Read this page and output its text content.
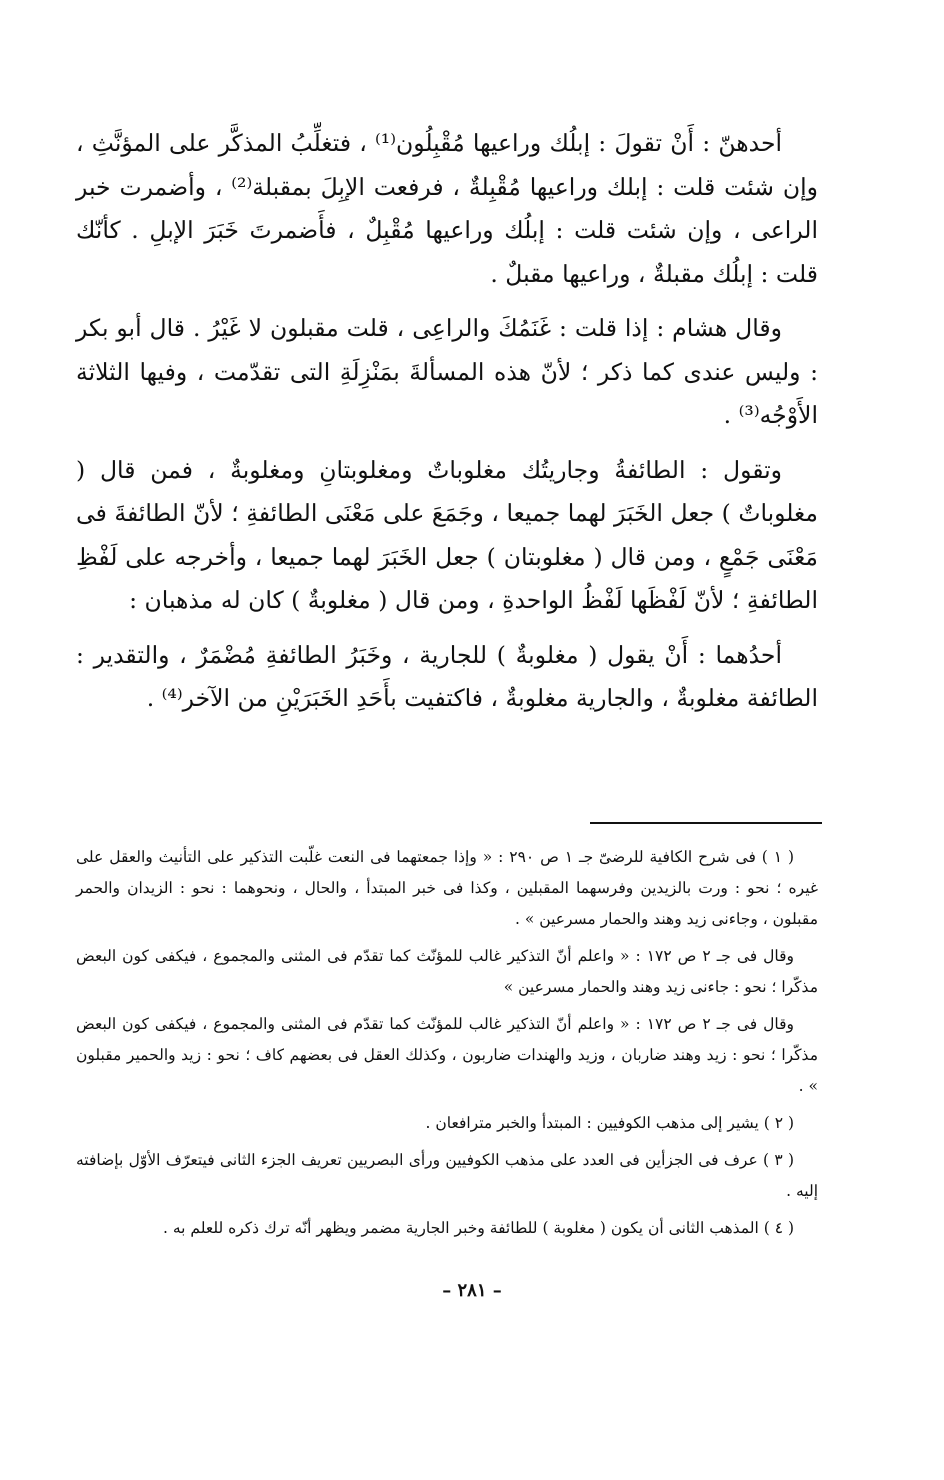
أحدهنّ : أَنْ تقولَ : إبلُك وراعيها مُقْبِلُون⁽¹⁾ ، فتغلِّبُ المذكَّر على المؤنَّثِ ، وإن شئت قلت : إبلك وراعيها مُقْبِلةٌ ، فرفعت الإبِلَ بمقبلة⁽²⁾ ، وأضمرت خبر الراعى ، وإن شئت قلت : إبلُك وراعيها مُقْبِلٌ ، فأَضمرتَ خَبَرَ الإبلِ . كأنّك قلت : إبلُك مقبلةٌ ، وراعيها مقبلٌ .

وقال هشام : إذا قلت : غَنَمُكَ والراعِى ، قلت مقبلون لا غَيْرُ . قال أبو بكر : وليس عندى كما ذكر ؛ لأنّ هذه المسألةَ بمَنْزِلَةِ التى تقدّمت ، وفيها الثلاثة الأَوْجُه⁽³⁾ .

وتقول : الطائفةُ وجاريتُك مغلوباتٌ ومغلوبتانِ ومغلوبةٌ ، فمن قال ( مغلوباتٌ ) جعل الخَبَرَ لهما جميعا ، وجَمَعَ على مَعْنَى الطائفةِ ؛ لأنّ الطائفةَ فى مَعْنَى جَمْعٍ ، ومن قال ( مغلوبتان ) جعل الخَبَرَ لهما جميعا ، وأخرجه على لَفْظِ الطائفةِ ؛ لأنّ لَفْظَها لَفْظُ الواحدةِ ، ومن قال ( مغلوبةٌ ) كان له مذهبان :

أحدُهما : أَنْ يقول ( مغلوبةٌ ) للجارية ، وخَبَرُ الطائفةِ مُضْمَرٌ ، والتقدير : الطائفة مغلوبةٌ ، والجارية مغلوبةٌ ، فاكتفيت بأَحَدِ الخَبَرَيْنِ من الآخر⁽⁴⁾ .

( ١ ) فى شرح الكافية للرضىّ جـ ١ ص ٢٩٠ : « وإذا جمعتهما فى النعت غلّبت التذكير على التأنيث والعقل على غيره ؛ نحو : ورت بالزيدين وفرسهما المقبلين ، وكذا فى خبر المبتدأ ، والحال ، ونحوهما : نحو : الزيدان والحمر مقبلون ، وجاءنى زيد وهند والحمار مسرعين » .

وقال فى جـ ٢ ص ١٧٢ : « واعلم أنّ التذكير غالب للمؤنّث كما تقدّم فى المثنى والمجموع ، فيكفى كون البعض مذكّرا ؛ نحو : جاءنى زيد وهند والحمار مسرعين »

وقال فى جـ ٢ ص ١٧٢ : « واعلم أنّ التذكير غالب للمؤنّث كما تقدّم فى المثنى والمجموع ، فيكفى كون البعض مذكّرا ؛ نحو : زيد وهند ضاربان ، وزيد والهندات ضاربون ، وكذلك العقل فى بعضهم كاف ؛ نحو : زيد والحمير مقبلون » .

( ٢ ) يشير إلى مذهب الكوفيين : المبتدأ والخبر مترافعان .

( ٣ ) عرف فى الجزأين فى العدد على مذهب الكوفيين ورأى البصريين تعريف الجزء الثانى فيتعرّف الأوّل بإضافته إليه .

( ٤ ) المذهب الثانى أن يكون ( مغلوبة ) للطائفة وخبر الجارية مضمر ويظهر أنّه ترك ذكره للعلم به .

– ٢٨١ –
